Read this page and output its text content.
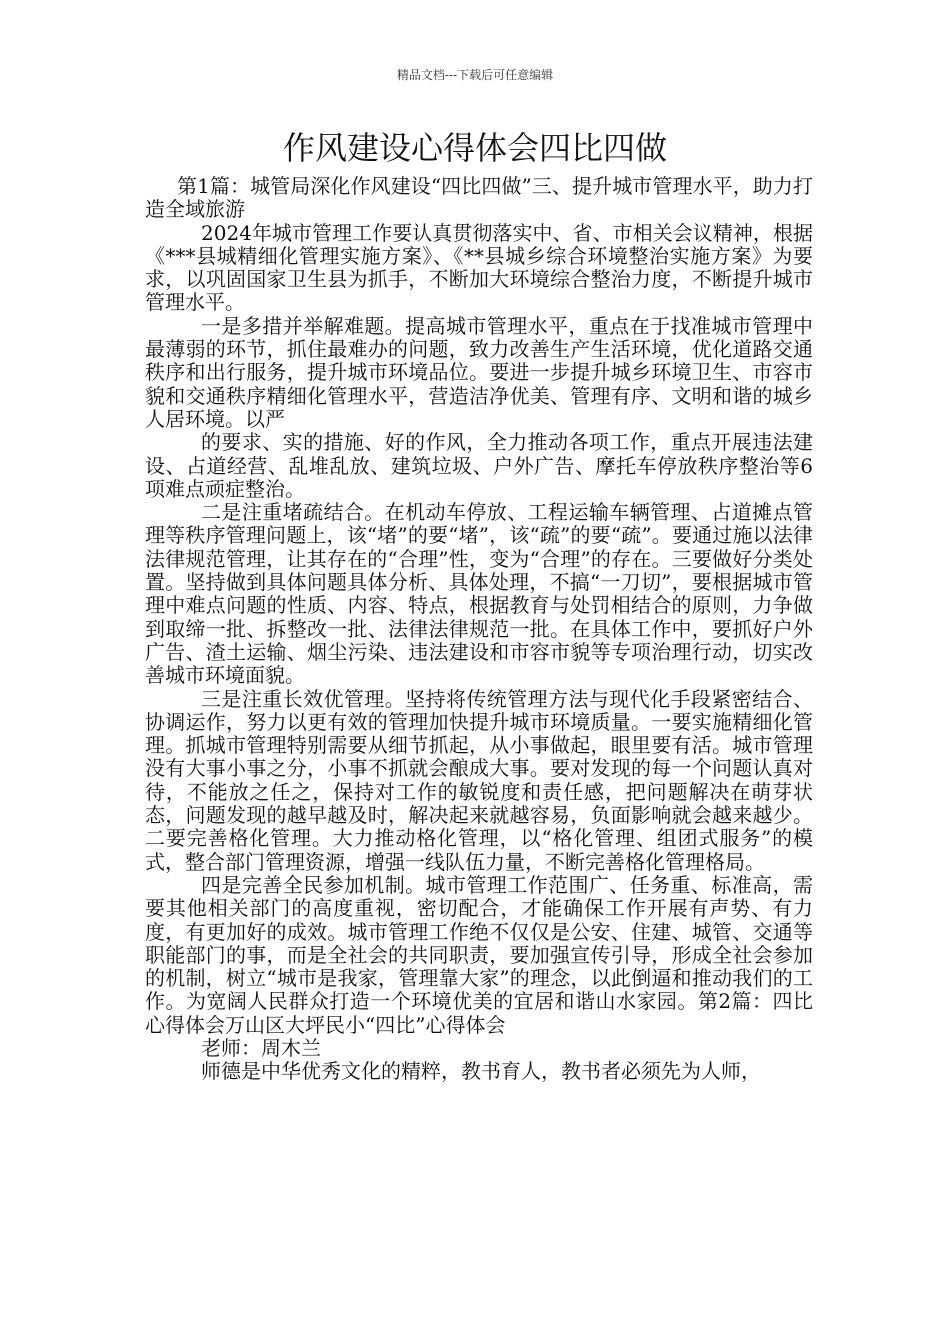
精品文档---下载后可任意编辑
作风建设心得体会四比四做

第1篇：城管局深化作风建设“四比四做”三、提升城市管理水平，助力打造全域旅游

2024年城市管理工作要认真贯彻落实中、省、市相关会议精神，根据《***县城精细化管理实施方案》、《**县城乡综合环境整治实施方案》为要求，以巩固国家卫生县为抓手，不断加大环境综合整治力度，不断提升城市管理水平。

一是多措并举解难题。提高城市管理水平，重点在于找准城市管理中最薄弱的环节，抓住最难办的问题，致力改善生产生活环境，优化道路交通秩序和出行服务，提升城市环境品位。要进一步提升城乡环境卫生、市容市貌和交通秩序精细化管理水平，营造洁净优美、管理有序、文明和谐的城乡人居环境。以严

的要求、实的措施、好的作风，全力推动各项工作，重点开展违法建设、占道经营、乱堆乱放、建筑垃圾、户外广告、摩托车停放秩序整治等6项难点顽症整治。

二是注重堵疏结合。在机动车停放、工程运输车辆管理、占道摊点管理等秩序管理问题上，该“堵”的要“堵”，该“疏”的要“疏”。要通过施以法律法律规范管理，让其存在的“合理”性，变为“合理”的存在。三要做好分类处置。坚持做到具体问题具体分析、具体处理，不搞“一刀切”，要根据城市管理中难点问题的性质、内容、特点，根据教育与处罚相结合的原则，力争做到取缔一批、拆整改一批、法律法律规范一批。在具体工作中，要抓好户外广告、渣土运输、烟尘污染、违法建设和市容市貌等专项治理行动，切实改善城市环境面貌。

三是注重长效优管理。坚持将传统管理方法与现代化手段紧密结合、协调运作，努力以更有效的管理加快提升城市环境质量。一要实施精细化管理。抓城市管理特别需要从细节抓起，从小事做起，眼里要有活。城市管理没有大事小事之分，小事不抓就会酿成大事。要对发现的每一个问题认真对待，不能放之任之，保持对工作的敏锐度和责任感，把问题解决在萌芽状态，问题发现的越早越及时，解决起来就越容易，负面影响就会越来越少。二要完善格化管理。大力推动格化管理，以“格化管理、组团式服务”的模式，整合部门管理资源，增强一线队伍力量，不断完善格化管理格局。

四是完善全民参加机制。城市管理工作范围广、任务重、标准高，需要其他相关部门的高度重视，密切配合，才能确保工作开展有声势、有力度，有更加好的成效。城市管理工作绝不仅仅是公安、住建、城管、交通等职能部门的事，而是全社会的共同职责，要加强宣传引导，形成全社会参加的机制，树立“城市是我家，管理靠大家”的理念，以此倒逼和推动我们的工作。为宽阔人民群众打造一个环境优美的宜居和谐山水家园。第2篇：四比心得体会万山区大坪民小“四比”心得体会

老师：周木兰

师德是中华优秀文化的精粹，教书育人，教书者必须先为人师，
